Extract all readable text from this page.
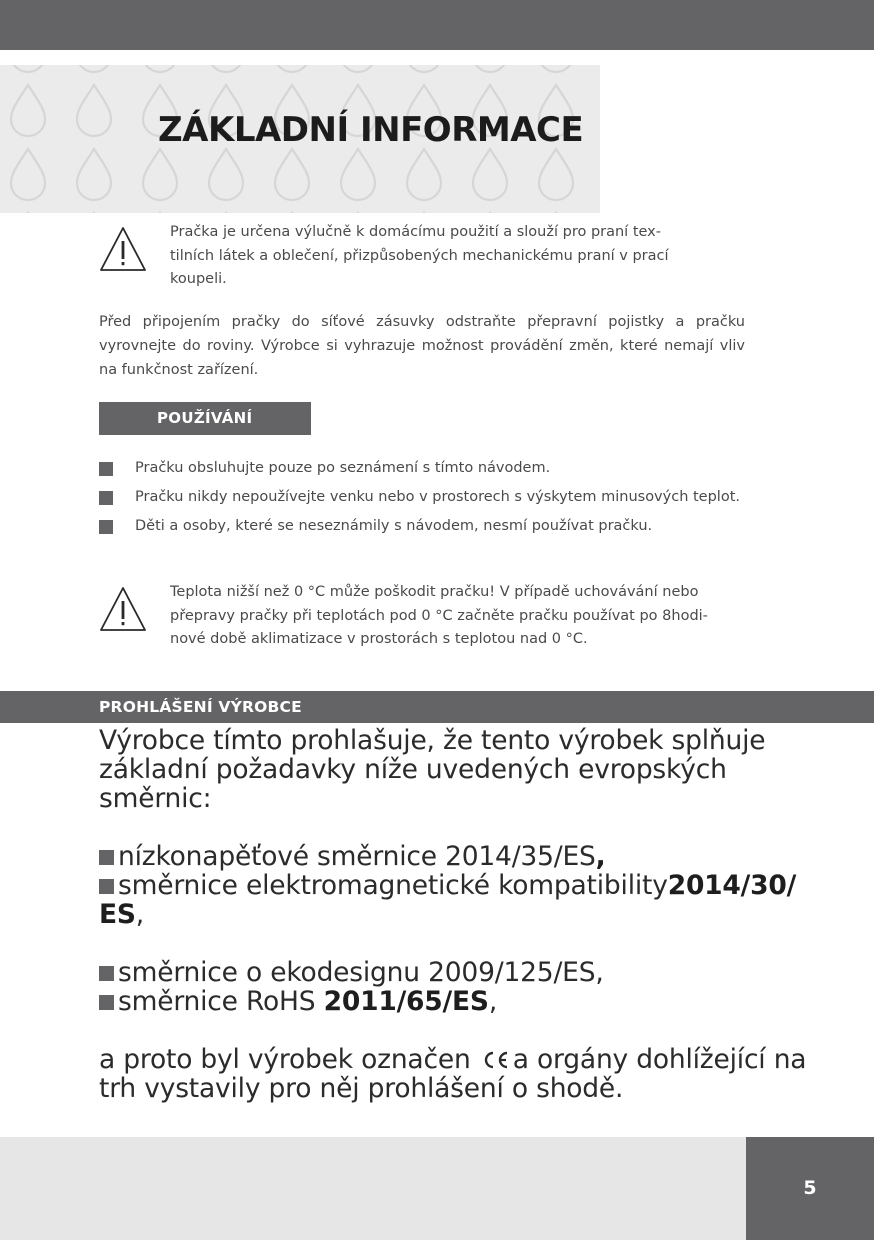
ZÁKLADNÍ INFORMACE
Pračka je určena výlučně k domácímu použití a slouží pro praní tex-
tilních látek a oblečení, přizpůsobených mechanickému praní v prací
koupeli.
Před připojením pračky do síťové zásuvky odstraňte přepravní pojistky a pračku vyrovnejte do roviny. Výrobce si vyhrazuje možnost provádění změn, které nemají vliv na funkčnost zařízení.
POUŽÍVÁNÍ
Pračku obsluhujte pouze po seznámení s tímto návodem.
Pračku nikdy nepoužívejte venku nebo v prostorech s výskytem minusových teplot.
Děti a osoby, které se neseznámily s návodem, nesmí používat pračku.
Teplota nižší než 0 °C může poškodit pračku! V případě uchovávání nebo
přepravy pračky při teplotách pod 0 °C začněte pračku používat po 8hodi-
nové době aklimatizace v prostorách s teplotou nad 0 °C.
PROHLÁŠENÍ VÝROBCE

Výrobce tímto prohlašuje, že tento výrobek splňuje

základní požadavky níže uvedených evropských

směrnic:

nízkonapěťové směrnice 2014/35/ES,

směrnice elektromagnetické kompatibility2014/30/

ES,

směrnice o ekodesignu 2009/125/ES,

směrnice RoHS 2011/65/ES,

a proto byl výrobek označen a orgány dohlížející na

trh vystavily pro něj prohlášení o shodě.

5
